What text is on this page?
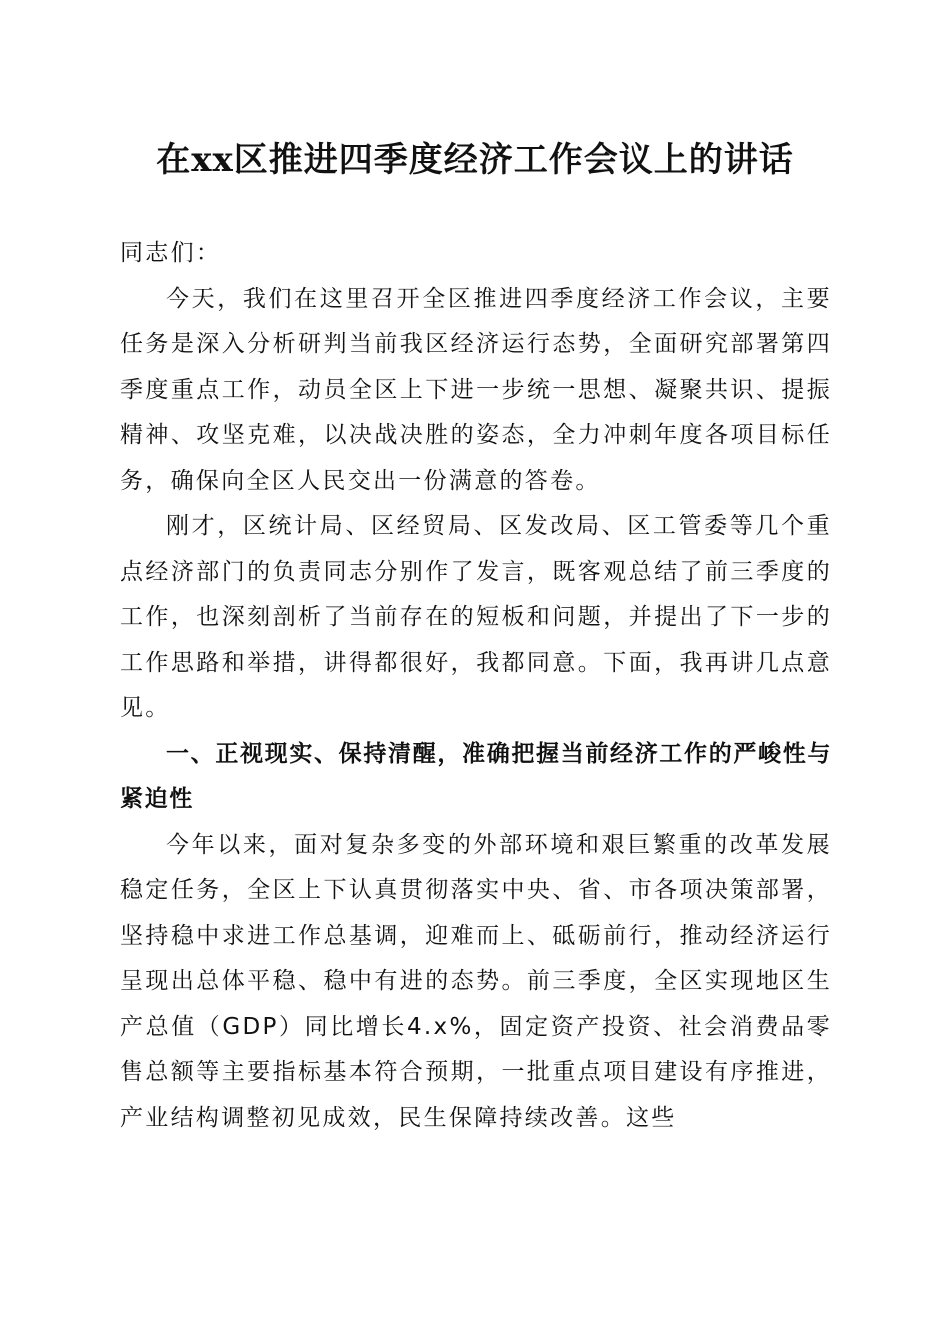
在xx区推进四季度经济工作会议上的讲话

同志们：

今天，我们在这里召开全区推进四季度经济工作会议，主要任务是深入分析研判当前我区经济运行态势，全面研究部署第四季度重点工作，动员全区上下进一步统一思想、凝聚共识、提振精神、攻坚克难，以决战决胜的姿态，全力冲刺年度各项目标任务，确保向全区人民交出一份满意的答卷。

刚才，区统计局、区经贸局、区发改局、区工管委等几个重点经济部门的负责同志分别作了发言，既客观总结了前三季度的工作，也深刻剖析了当前存在的短板和问题，并提出了下一步的工作思路和举措，讲得都很好，我都同意。下面，我再讲几点意见。

一、正视现实、保持清醒，准确把握当前经济工作的严峻性与紧迫性

今年以来，面对复杂多变的外部环境和艰巨繁重的改革发展稳定任务，全区上下认真贯彻落实中央、省、市各项决策部署，坚持稳中求进工作总基调，迎难而上、砥砺前行，推动经济运行呈现出总体平稳、稳中有进的态势。前三季度，全区实现地区生产总值（GDP）同比增长4.x%，固定资产投资、社会消费品零售总额等主要指标基本符合预期，一批重点项目建设有序推进，产业结构调整初见成效，民生保障持续改善。这些
